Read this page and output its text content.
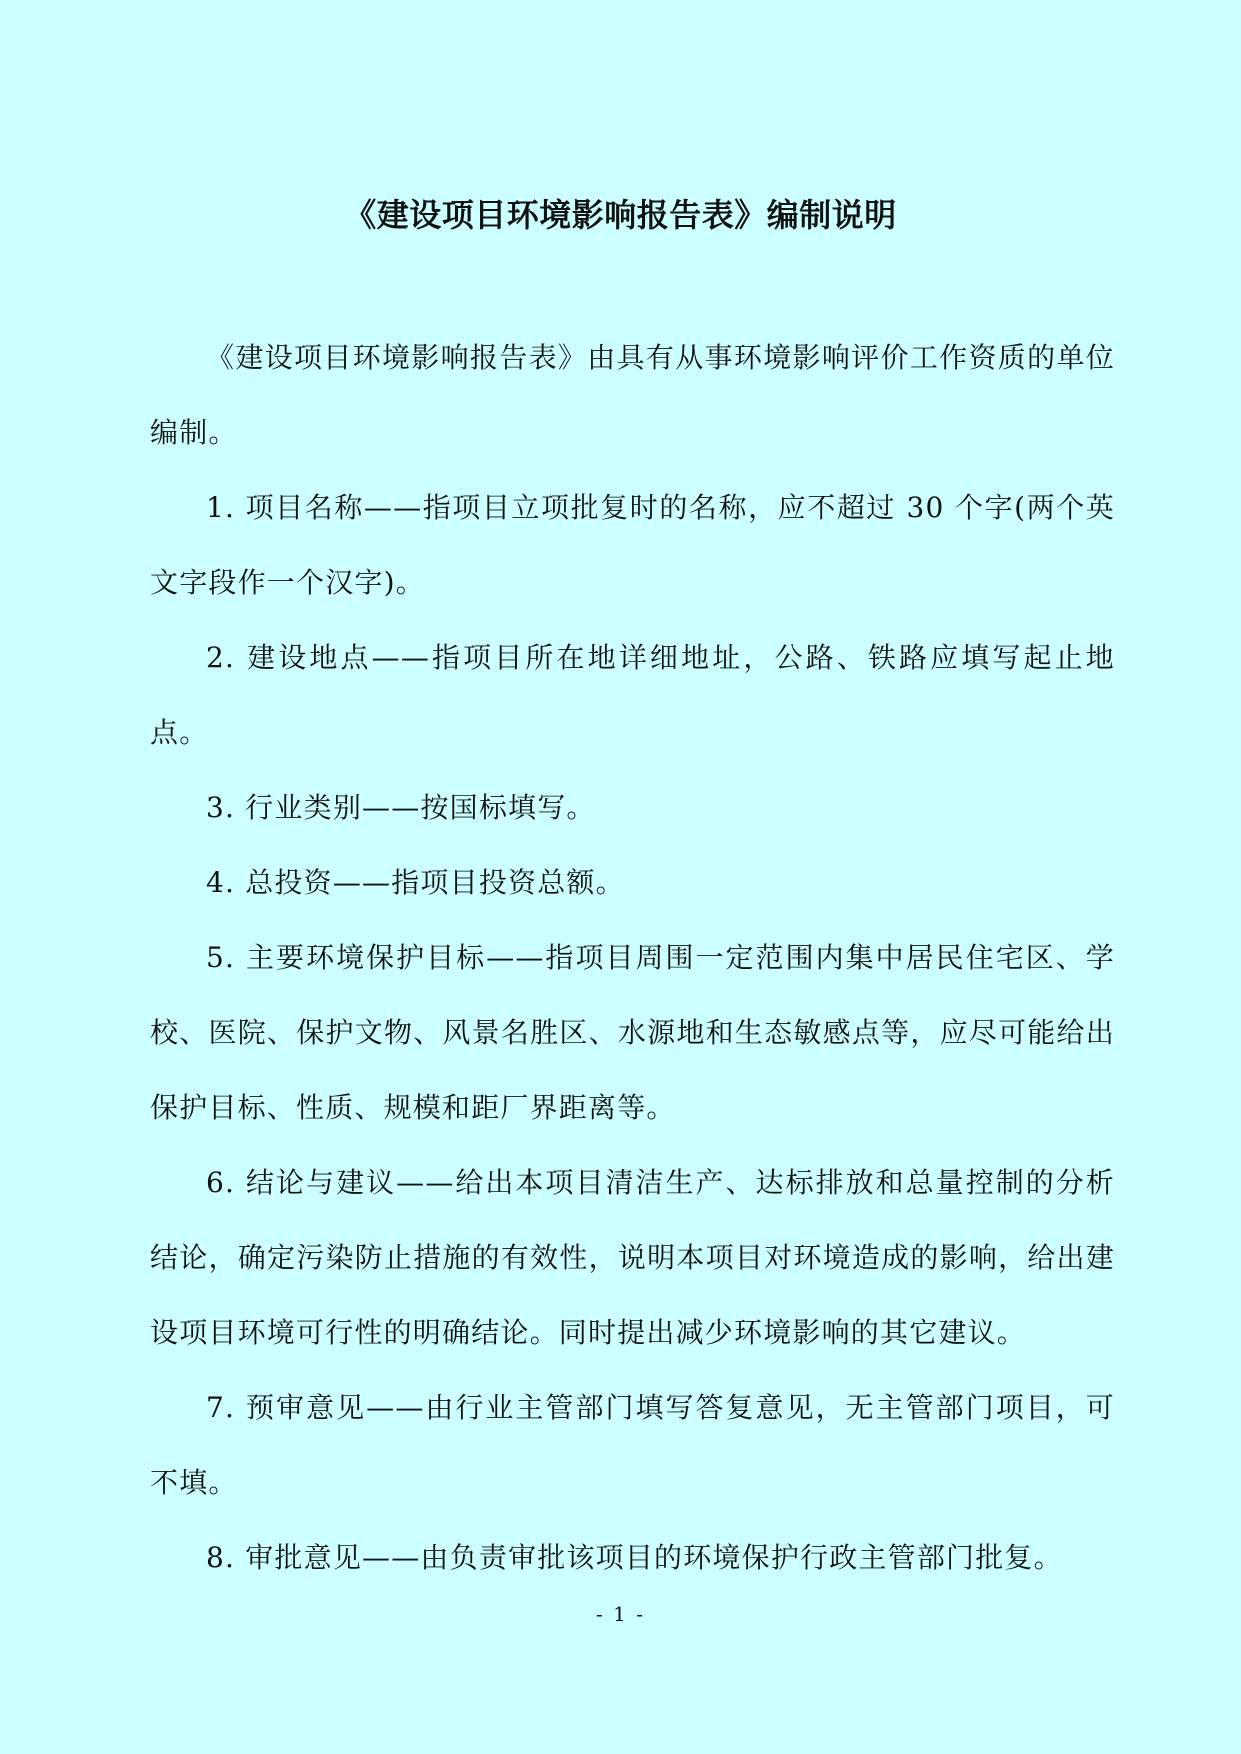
《建设项目环境影响报告表》编制说明

《建设项目环境影响报告表》由具有从事环境影响评价工作资质的单位编制。

1. 项目名称——指项目立项批复时的名称，应不超过 30 个字(两个英文字段作一个汉字)。

2. 建设地点——指项目所在地详细地址，公路、铁路应填写起止地点。

3. 行业类别——按国标填写。

4. 总投资——指项目投资总额。

5. 主要环境保护目标——指项目周围一定范围内集中居民住宅区、学校、医院、保护文物、风景名胜区、水源地和生态敏感点等，应尽可能给出保护目标、性质、规模和距厂界距离等。

6. 结论与建议——给出本项目清洁生产、达标排放和总量控制的分析结论，确定污染防止措施的有效性，说明本项目对环境造成的影响，给出建设项目环境可行性的明确结论。同时提出减少环境影响的其它建议。

7. 预审意见——由行业主管部门填写答复意见，无主管部门项目，可不填。

8. 审批意见——由负责审批该项目的环境保护行政主管部门批复。

- 1 -
